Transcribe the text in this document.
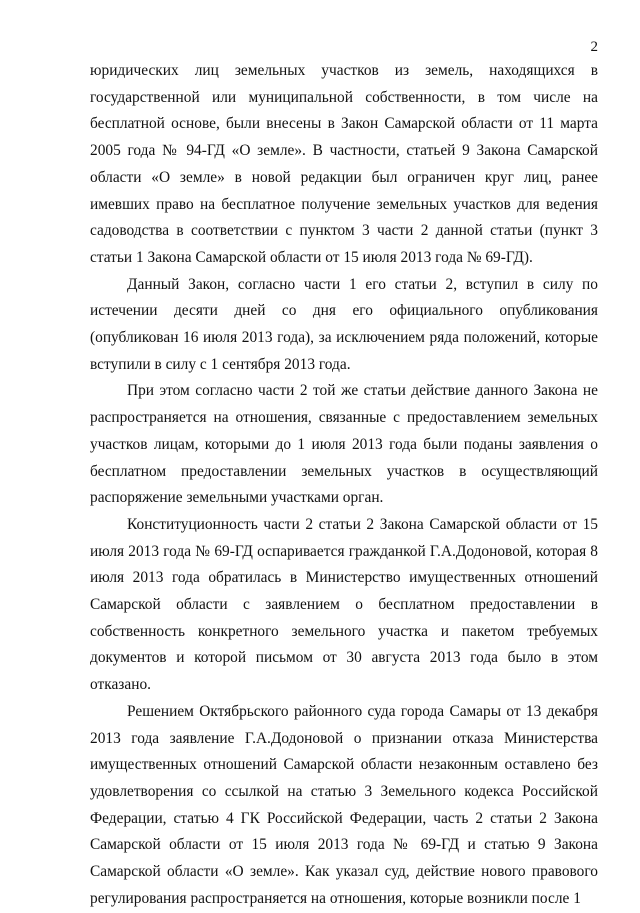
2

юридических лиц земельных участков из земель, находящихся в государственной или муниципальной собственности, в том числе на бесплатной основе, были внесены в Закон Самарской области от 11 марта 2005 года № 94-ГД «О земле». В частности, статьей 9 Закона Самарской области «О земле» в новой редакции был ограничен круг лиц, ранее имевших право на бесплатное получение земельных участков для ведения садоводства в соответствии с пунктом 3 части 2 данной статьи (пункт 3 статьи 1 Закона Самарской области от 15 июля 2013 года № 69-ГД).

Данный Закон, согласно части 1 его статьи 2, вступил в силу по истечении десяти дней со дня его официального опубликования (опубликован 16 июля 2013 года), за исключением ряда положений, которые вступили в силу с 1 сентября 2013 года.

При этом согласно части 2 той же статьи действие данного Закона не распространяется на отношения, связанные с предоставлением земельных участков лицам, которыми до 1 июля 2013 года были поданы заявления о бесплатном предоставлении земельных участков в осуществляющий распоряжение земельными участками орган.

Конституционность части 2 статьи 2 Закона Самарской области от 15 июля 2013 года № 69-ГД оспаривается гражданкой Г.А.Додоновой, которая 8 июля 2013 года обратилась в Министерство имущественных отношений Самарской области с заявлением о бесплатном предоставлении в собственность конкретного земельного участка и пакетом требуемых документов и которой письмом от 30 августа 2013 года было в этом отказано.

Решением Октябрьского районного суда города Самары от 13 декабря 2013 года заявление Г.А.Додоновой о признании отказа Министерства имущественных отношений Самарской области незаконным оставлено без удовлетворения со ссылкой на статью 3 Земельного кодекса Российской Федерации, статью 4 ГК Российской Федерации, часть 2 статьи 2 Закона Самарской области от 15 июля 2013 года № 69-ГД и статью 9 Закона Самарской области «О земле». Как указал суд, действие нового правового регулирования распространяется на отношения, которые возникли после 1
